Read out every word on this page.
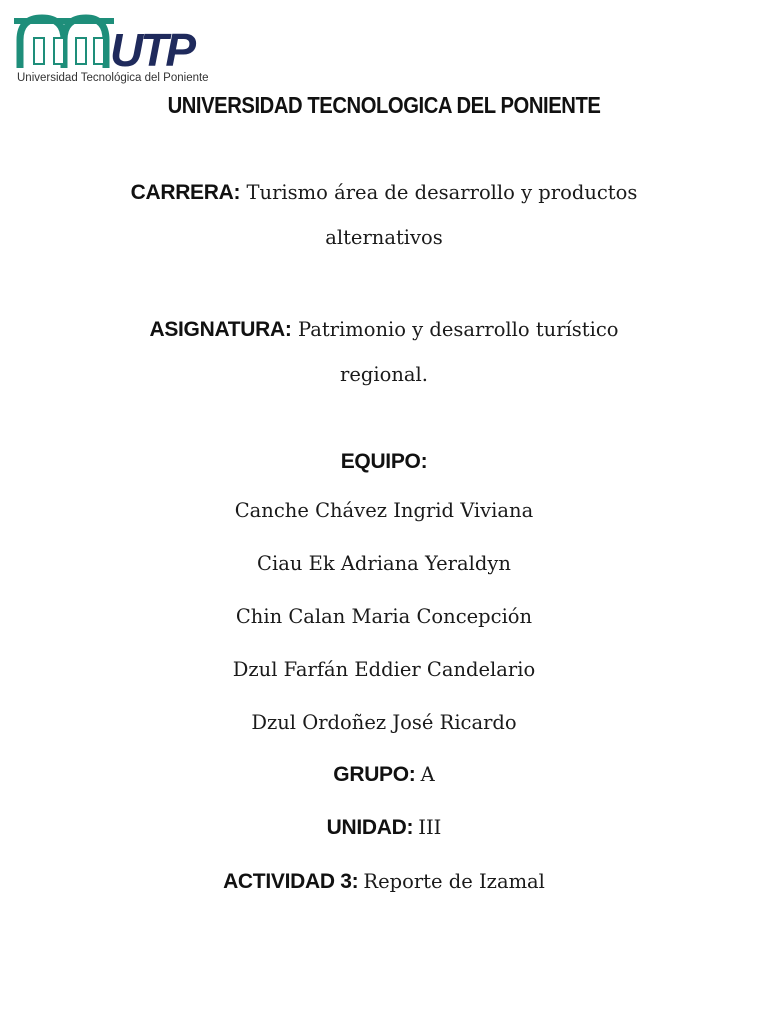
UTP
Universidad Tecnológica del Poniente
UNIVERSIDAD TECNOLOGICA DEL PONIENTE
CARRERA: Turismo área de desarrollo y productos
alternativos
ASIGNATURA: Patrimonio y desarrollo turístico
regional.
EQUIPO:
Canche Chávez Ingrid Viviana
Ciau Ek Adriana Yeraldyn
Chin Calan Maria Concepción
Dzul Farfán Eddier Candelario
Dzul Ordoñez José Ricardo
GRUPO: A
UNIDAD: III
ACTIVIDAD 3: Reporte de Izamal
